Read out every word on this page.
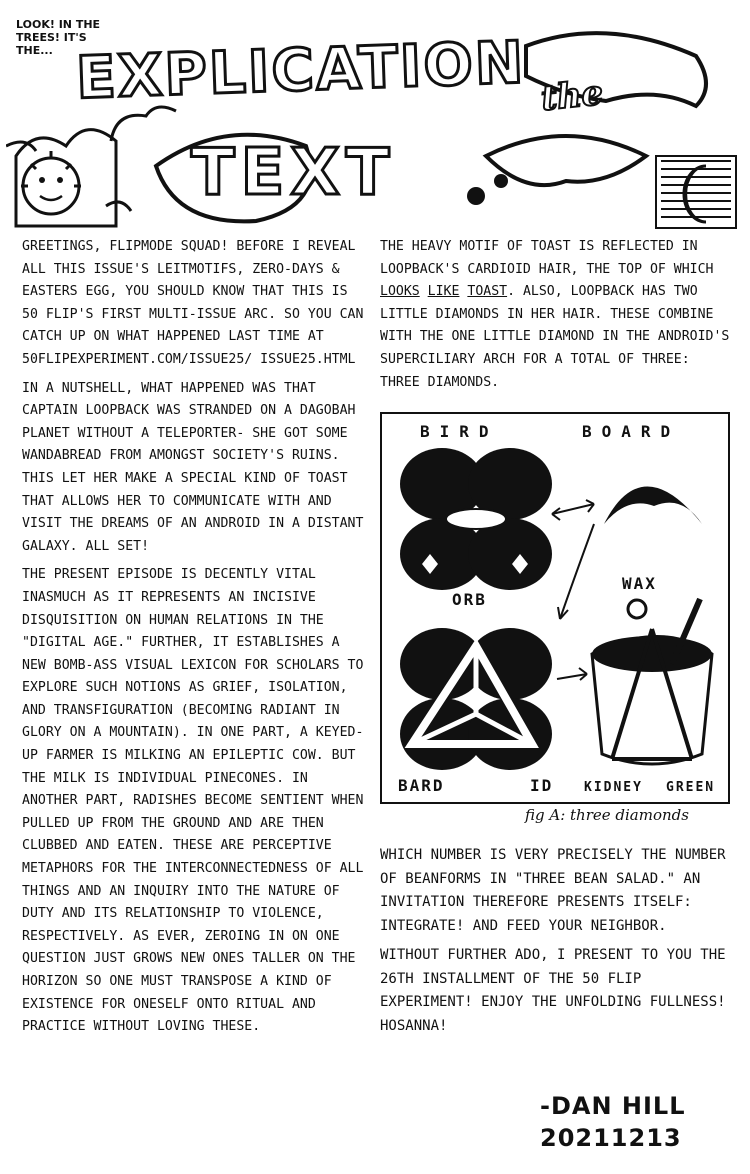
LOOK! IN THE TREES! IT'S THE... EXPLICATION the
TEXT

GREETINGS, FLIPMODE SQUAD! BEFORE I REVEAL ALL THIS ISSUE'S LEITMOTIFS, ZERO-DAYS & EASTERS EGG, YOU SHOULD KNOW THAT THIS IS 50 FLIP'S FIRST MULTI-ISSUE ARC. SO YOU CAN CATCH UP ON WHAT HAPPENED LAST TIME AT 50FLIPEXPERIMENT.COM/ISSUE25/ ISSUE25.HTML

IN A NUTSHELL, WHAT HAPPENED WAS THAT CAPTAIN LOOPBACK WAS STRANDED ON A DAGOBAH PLANET WITHOUT A TELEPORTER- SHE GOT SOME WANDABREAD FROM AMONGST SOCIETY'S RUINS. THIS LET HER MAKE A SPECIAL KIND OF TOAST THAT ALLOWS HER TO COMMUNICATE WITH AND VISIT THE DREAMS OF AN ANDROID IN A DISTANT GALAXY. ALL SET!

THE PRESENT EPISODE IS DECENTLY VITAL INASMUCH AS IT REPRESENTS AN INCISIVE DISQUISITION ON HUMAN RELATIONS IN THE "DIGITAL AGE." FURTHER, IT ESTABLISHES A NEW BOMB-ASS VISUAL LEXICON FOR SCHOLARS TO EXPLORE SUCH NOTIONS AS GRIEF, ISOLATION, AND TRANSFIGURATION (BECOMING RADIANT IN GLORY ON A MOUNTAIN). IN ONE PART, A KEYED-UP FARMER IS MILKING AN EPILEPTIC COW. BUT THE MILK IS INDIVIDUAL PINECONES. IN ANOTHER PART, RADISHES BECOME SENTIENT WHEN PULLED UP FROM THE GROUND AND ARE THEN CLUBBED AND EATEN. THESE ARE PERCEPTIVE METAPHORS FOR THE INTERCONNECTEDNESS OF ALL THINGS AND AN INQUIRY INTO THE NATURE OF DUTY AND ITS RELATIONSHIP TO VIOLENCE, RESPECTIVELY. AS EVER, ZEROING IN ON ONE QUESTION JUST GROWS NEW ONES TALLER ON THE HORIZON SO ONE MUST TRANSPOSE A KIND OF EXISTENCE FOR ONESELF ONTO RITUAL AND PRACTICE WITHOUT LOVING THESE.

THE HEAVY MOTIF OF TOAST IS REFLECTED IN LOOPBACK'S CARDIOID HAIR, THE TOP OF WHICH LOOKS LIKE TOAST. ALSO, LOOPBACK HAS TWO LITTLE DIAMONDS IN HER HAIR. THESE COMBINE WITH THE ONE LITTLE DIAMOND IN THE ANDROID'S SUPERCILIARY ARCH FOR A TOTAL OF THREE: THREE DIAMONDS.

BIRD	BOARD
ORB
WAX
BARD	ID KIDNEY GREEN
fig A: three diamonds

WHICH NUMBER IS VERY PRECISELY THE NUMBER OF BEANFORMS IN "THREE BEAN SALAD." AN INVITATION THEREFORE PRESENTS ITSELF: INTEGRATE! AND FEED YOUR NEIGHBOR.

WITHOUT FURTHER ADO, I PRESENT TO YOU THE 26TH INSTALLMENT OF THE 50 FLIP EXPERIMENT! ENJOY THE UNFOLDING FULLNESS! HOSANNA!

-DAN HILL
20211213
